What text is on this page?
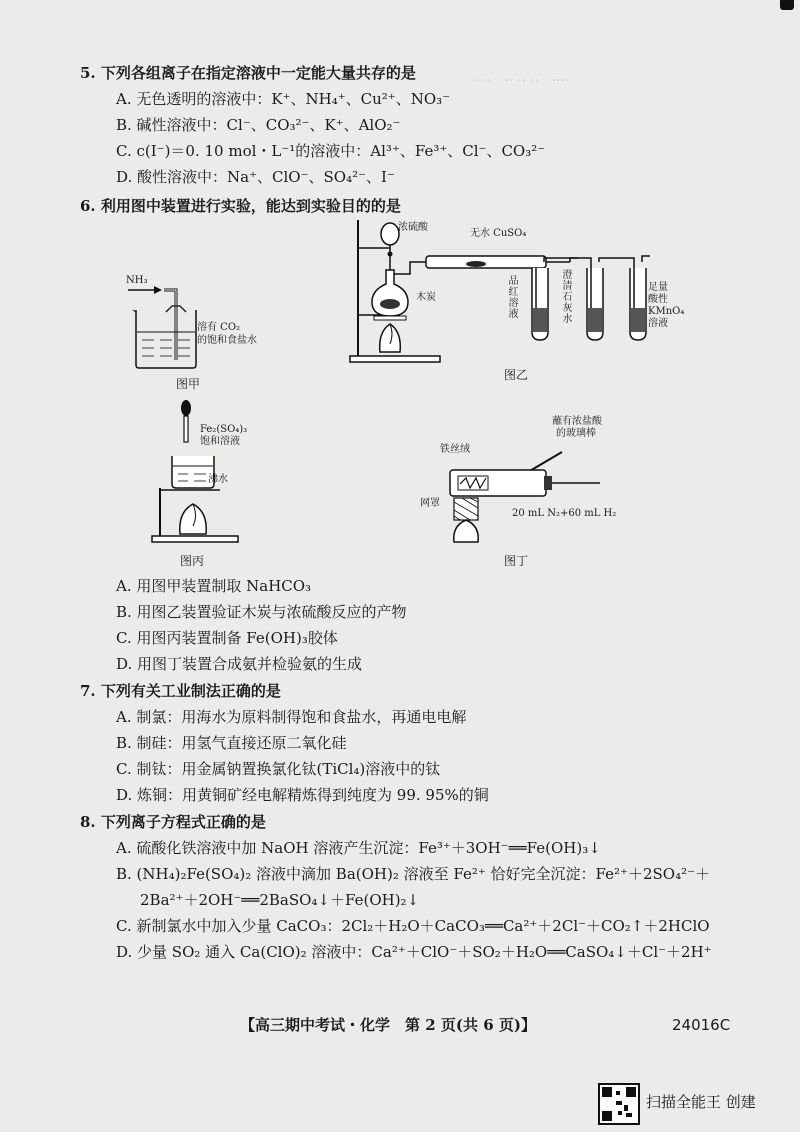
‥ ‥　‥ ‥ ‥　‥‥
5. 下列各组离子在指定溶液中一定能大量共存的是
A. 无色透明的溶液中：K⁺、NH₄⁺、Cu²⁺、NO₃⁻
B. 碱性溶液中：Cl⁻、CO₃²⁻、K⁺、AlO₂⁻
C. c(I⁻)＝0. 10 mol・L⁻¹的溶液中：Al³⁺、Fe³⁺、Cl⁻、CO₃²⁻
D. 酸性溶液中：Na⁺、ClO⁻、SO₄²⁻、I⁻
6. 利用图中装置进行实验，能达到实验目的的是
NH₃
溶有 CO₂
的饱和食盐水
图甲
浓硫酸
无水 CuSO₄
木炭
品红溶液
澄清石灰水
足量
酸性
KMnO₄
溶液
图乙
Fe₂(SO₄)₃
饱和溶液
沸水
图丙
蘸有浓盐酸
的玻璃棒
铁丝绒
网罩
20 mL N₂+60 mL H₂
图丁
A. 用图甲装置制取 NaHCO₃
B. 用图乙装置验证木炭与浓硫酸反应的产物
C. 用图丙装置制备 Fe(OH)₃胶体
D. 用图丁装置合成氨并检验氨的生成
7. 下列有关工业制法正确的是
A. 制氯：用海水为原料制得饱和食盐水，再通电电解
B. 制硅：用氢气直接还原二氧化硅
C. 制钛：用金属钠置换氯化钛(TiCl₄)溶液中的钛
D. 炼铜：用黄铜矿经电解精炼得到纯度为 99. 95%的铜
8. 下列离子方程式正确的是
A. 硫酸化铁溶液中加 NaOH 溶液产生沉淀：Fe³⁺＋3OH⁻══Fe(OH)₃↓
B. (NH₄)₂Fe(SO₄)₂ 溶液中滴加 Ba(OH)₂ 溶液至 Fe²⁺ 恰好完全沉淀：Fe²⁺＋2SO₄²⁻＋
2Ba²⁺＋2OH⁻══2BaSO₄↓＋Fe(OH)₂↓
C. 新制氯水中加入少量 CaCO₃：2Cl₂＋H₂O＋CaCO₃══Ca²⁺＋2Cl⁻＋CO₂↑＋2HClO
D. 少量 SO₂ 通入 Ca(ClO)₂ 溶液中：Ca²⁺＋ClO⁻＋SO₂＋H₂O══CaSO₄↓＋Cl⁻＋2H⁺
【高三期中考试・化学　第 2 页(共 6 页)】	24016C
扫描全能王 创建
